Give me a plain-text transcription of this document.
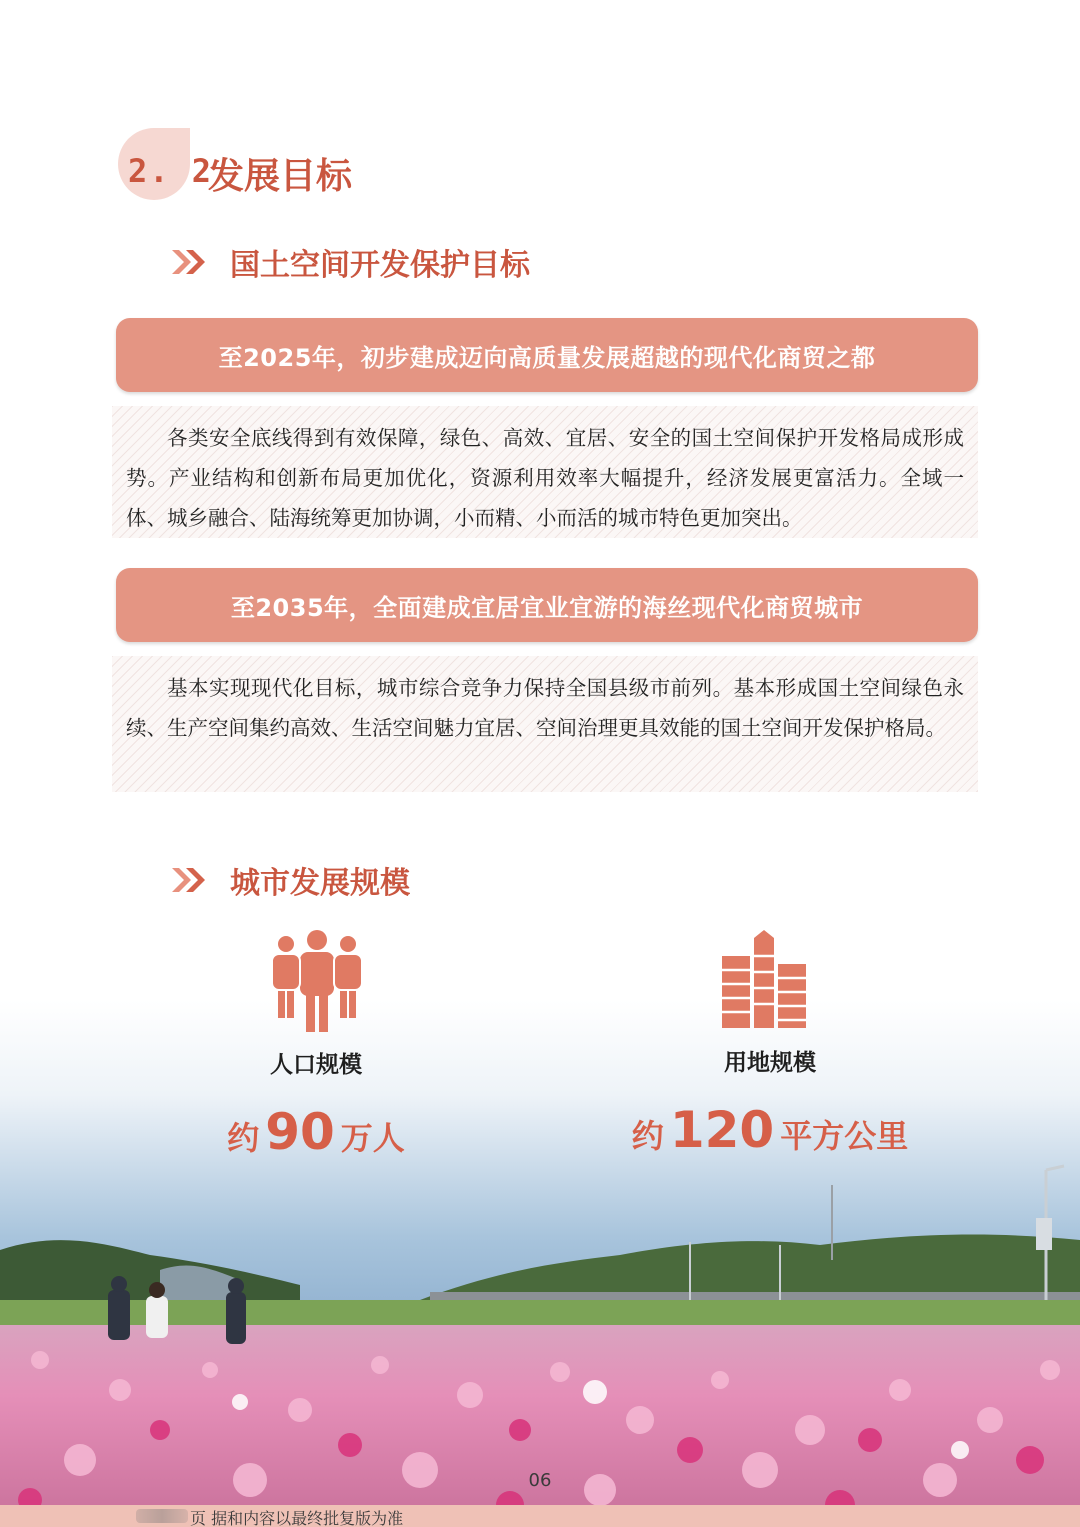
2. 2
发展目标
国土空间开发保护目标
至2025年，初步建成迈向高质量发展超越的现代化商贸之都

各类安全底线得到有效保障，绿色、高效、宜居、安全的国土空间保护开发格局成形成势。产业结构和创新布局更加优化，资源利用效率大幅提升，经济发展更富活力。全域一体、城乡融合、陆海统筹更加协调，小而精、小而活的城市特色更加突出。

至2035年，全面建成宜居宜业宜游的海丝现代化商贸城市

基本实现现代化目标，城市综合竞争力保持全国县级市前列。基本形成国土空间绿色永续、生产空间集约高效、生活空间魅力宜居、空间治理更具效能的国土空间开发保护格局。

城市发展规模
人口规模
约 90 万人
用地规模
约 120 平方公里
06
页 据和内容以最终批复版为准
